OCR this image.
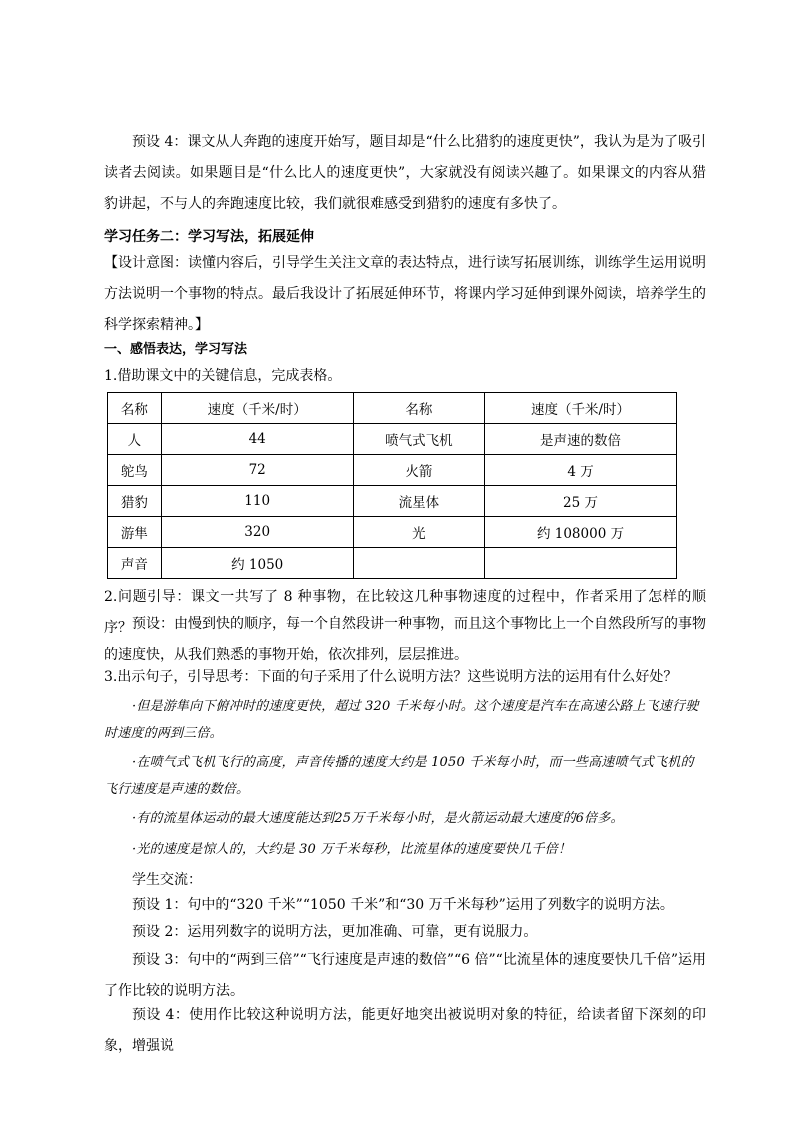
预设 4：课文从人奔跑的速度开始写，题目却是“什么比猎豹的速度更快”，我认为是为了吸引读者去阅读。如果题目是“什么比人的速度更快”，大家就没有阅读兴趣了。如果课文的内容从猎豹讲起，不与人的奔跑速度比较，我们就很难感受到猎豹的速度有多快了。

学习任务二：学习写法，拓展延伸

【设计意图：读懂内容后，引导学生关注文章的表达特点，进行读写拓展训练，训练学生运用说明方法说明一个事物的特点。最后我设计了拓展延伸环节，将课内学习延伸到课外阅读，培养学生的科学探索精神。】

一、感悟表达，学习写法

1.借助课文中的关键信息，完成表格。

名称	速度（千米/时）	名称	速度（千米/时）
人	44	喷气式飞机	是声速的数倍
鸵鸟	72	火箭	4 万
猎豹	110	流星体	25 万
游隼	320	光	约 108000 万
声音	约 1050		

2.问题引导：课文一共写了 8 种事物，在比较这几种事物速度的过程中，作者采用了怎样的顺序？ 预设：由慢到快的顺序，每一个自然段讲一种事物，而且这个事物比上一个自然段所写的事物的速度快，从我们熟悉的事物开始，依次排列，层层推进。

3.出示句子，引导思考：下面的句子采用了什么说明方法？这些说明方法的运用有什么好处？

·但是游隼向下俯冲时的速度更快，超过 320 千米每小时。这个速度是汽车在高速公路上飞速行驶时速度的两到三倍。

·在喷气式飞机飞行的高度，声音传播的速度大约是 1050 千米每小时，而一些高速喷气式飞机的飞行速度是声速的数倍。

·有的流星体运动的最大速度能达到25万千米每小时，是火箭运动最大速度的6倍多。

·光的速度是惊人的，大约是 30 万千米每秒，比流星体的速度要快几千倍！

学生交流：

预设 1：句中的“320 千米”“1050 千米”和“30 万千米每秒”运用了列数字的说明方法。

预设 2：运用列数字的说明方法，更加准确、可靠，更有说服力。

预设 3：句中的“两到三倍”“飞行速度是声速的数倍”“6 倍”“比流星体的速度要快几千倍”运用了作比较的说明方法。

预设 4：使用作比较这种说明方法，能更好地突出被说明对象的特征，给读者留下深刻的印象，增强说
